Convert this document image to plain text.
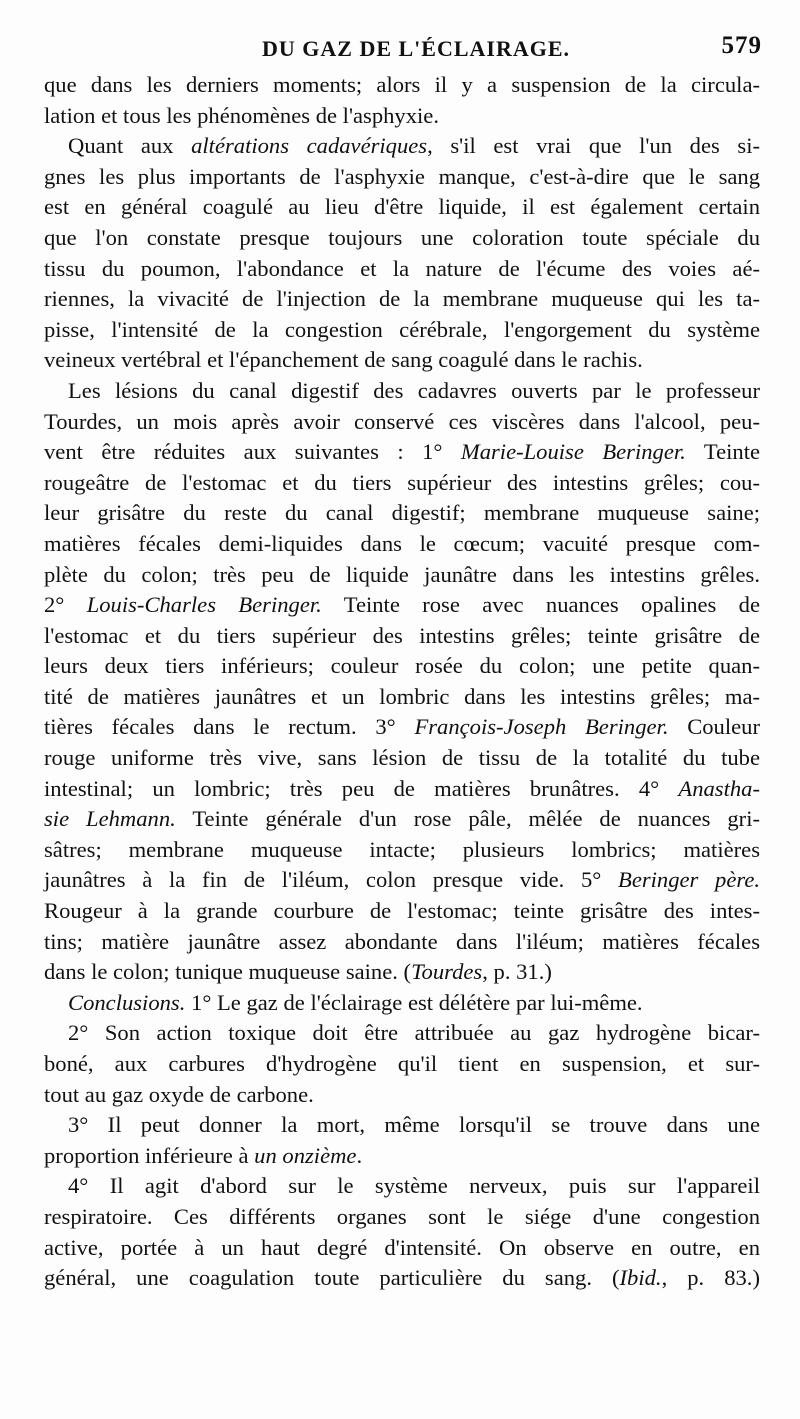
DU GAZ DE L'ÉCLAIRAGE.	579
que dans les derniers moments; alors il y a suspension de la circula-
lation et tous les phénomènes de l'asphyxie.
Quant aux altérations cadavériques, s'il est vrai que l'un des si-
gnes les plus importants de l'asphyxie manque, c'est-à-dire que le sang
est en général coagulé au lieu d'être liquide, il est également certain
que l'on constate presque toujours une coloration toute spéciale du
tissu du poumon, l'abondance et la nature de l'écume des voies aé-
riennes, la vivacité de l'injection de la membrane muqueuse qui les ta-
pisse, l'intensité de la congestion cérébrale, l'engorgement du système
veineux vertébral et l'épanchement de sang coagulé dans le rachis.
Les lésions du canal digestif des cadavres ouverts par le professeur
Tourdes, un mois après avoir conservé ces viscères dans l'alcool, peu-
vent être réduites aux suivantes : 1° Marie-Louise Beringer. Teinte
rougeâtre de l'estomac et du tiers supérieur des intestins grêles; cou-
leur grisâtre du reste du canal digestif; membrane muqueuse saine;
matières fécales demi-liquides dans le cœcum; vacuité presque com-
plète du colon; très peu de liquide jaunâtre dans les intestins grêles.
2° Louis-Charles Beringer. Teinte rose avec nuances opalines de
l'estomac et du tiers supérieur des intestins grêles; teinte grisâtre de
leurs deux tiers inférieurs; couleur rosée du colon; une petite quan-
tité de matières jaunâtres et un lombric dans les intestins grêles; ma-
tières fécales dans le rectum. 3° François-Joseph Beringer. Couleur
rouge uniforme très vive, sans lésion de tissu de la totalité du tube
intestinal; un lombric; très peu de matières brunâtres. 4° Anastha-
sie Lehmann. Teinte générale d'un rose pâle, mêlée de nuances gri-
sâtres; membrane muqueuse intacte; plusieurs lombrics; matières
jaunâtres à la fin de l'iléum, colon presque vide. 5° Beringer père.
Rougeur à la grande courbure de l'estomac; teinte grisâtre des intes-
tins; matière jaunâtre assez abondante dans l'iléum; matières fécales
dans le colon; tunique muqueuse saine. (Tourdes, p. 31.)
Conclusions. 1° Le gaz de l'éclairage est délétère par lui-même.
2° Son action toxique doit être attribuée au gaz hydrogène bicar-
boné, aux carbures d'hydrogène qu'il tient en suspension, et sur-
tout au gaz oxyde de carbone.
3° Il peut donner la mort, même lorsqu'il se trouve dans une
proportion inférieure à un onzième.
4° Il agit d'abord sur le système nerveux, puis sur l'appareil
respiratoire. Ces différents organes sont le siége d'une congestion
active, portée à un haut degré d'intensité. On observe en outre, en
général, une coagulation toute particulière du sang. (Ibid., p. 83.)
